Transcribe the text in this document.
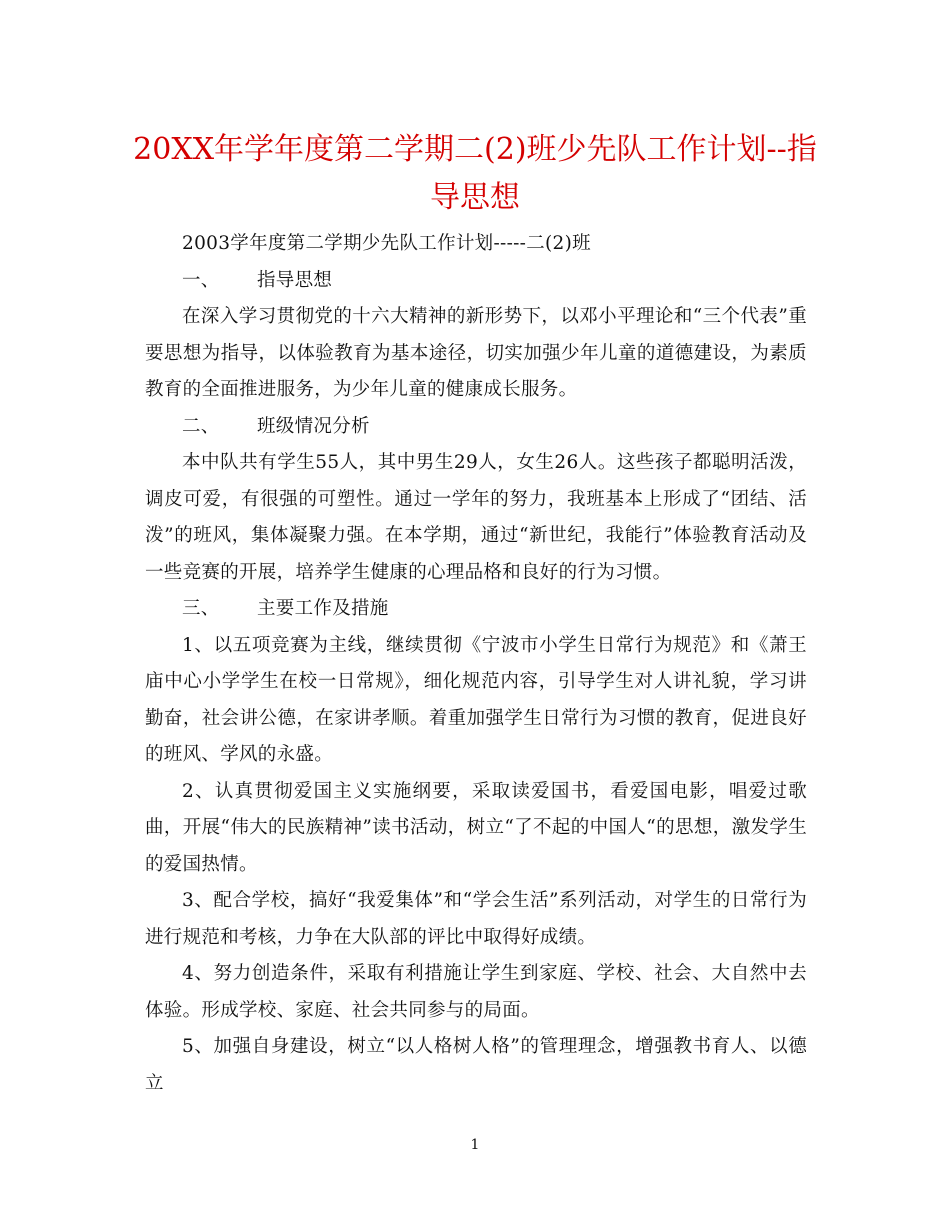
20XX年学年度第二学期二(2)班少先队工作计划--指导思想

2003学年度第二学期少先队工作计划-----二(2)班

一、 指导思想

在深入学习贯彻党的十六大精神的新形势下，以邓小平理论和“三个代表”重要思想为指导，以体验教育为基本途径，切实加强少年儿童的道德建设，为素质教育的全面推进服务，为少年儿童的健康成长服务。

二、 班级情况分析

本中队共有学生55人，其中男生29人，女生26人。这些孩子都聪明活泼，调皮可爱，有很强的可塑性。通过一学年的努力，我班基本上形成了“团结、活泼”的班风，集体凝聚力强。在本学期，通过“新世纪，我能行”体验教育活动及一些竞赛的开展，培养学生健康的心理品格和良好的行为习惯。

三、 主要工作及措施

1、以五项竞赛为主线，继续贯彻《宁波市小学生日常行为规范》和《萧王庙中心小学学生在校一日常规》，细化规范内容，引导学生对人讲礼貌，学习讲勤奋，社会讲公德，在家讲孝顺。着重加强学生日常行为习惯的教育，促进良好的班风、学风的永盛。

2、认真贯彻爱国主义实施纲要，采取读爱国书，看爱国电影，唱爱过歌曲，开展“伟大的民族精神”读书活动，树立“了不起的中国人“的思想，激发学生的爱国热情。

3、配合学校，搞好“我爱集体”和“学会生活”系列活动，对学生的日常行为进行规范和考核，力争在大队部的评比中取得好成绩。

4、努力创造条件，采取有利措施让学生到家庭、学校、社会、大自然中去体验。形成学校、家庭、社会共同参与的局面。

5、加强自身建设，树立“以人格树人格”的管理理念，增强教书育人、以德立

1
